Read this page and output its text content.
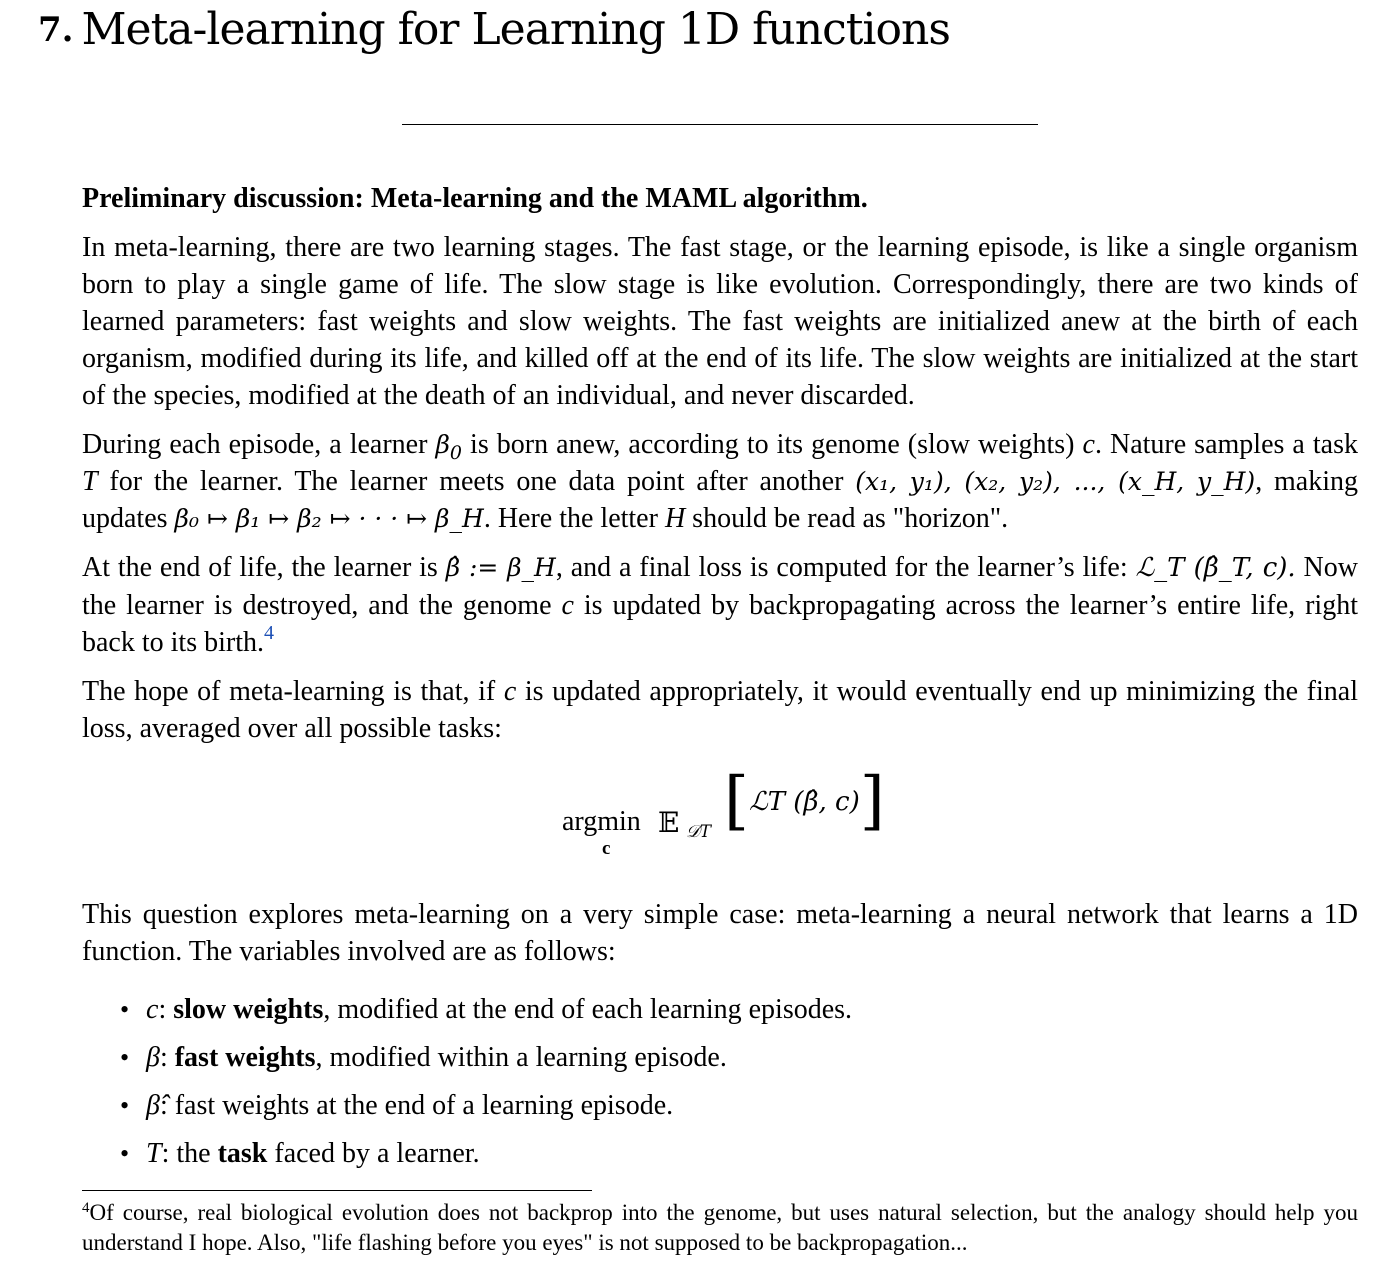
7. Meta-learning for Learning 1D functions

Preliminary discussion: Meta-learning and the MAML algorithm.

In meta-learning, there are two learning stages. The fast stage, or the learning episode, is like a single organism born to play a single game of life. The slow stage is like evolution. Correspondingly, there are two kinds of learned parameters: fast weights and slow weights. The fast weights are initialized anew at the birth of each organism, modified during its life, and killed off at the end of its life. The slow weights are initialized at the start of the species, modified at the death of an individual, and never discarded.

During each episode, a learner $\beta_0$ is born anew, according to its genome (slow weights) c. Nature samples a task T for the learner. The learner meets one data point after another (x₁, y₁), (x₂, y₂), ..., (x_H, y_H), making updates β₀ ↦ β₁ ↦ β₂ ↦ · · · ↦ β_H. Here the letter H should be read as "horizon".

At the end of life, the learner is β̂ := β_H, and a final loss is computed for the learner’s life: ℒ_T (β̂_T, c). Now the learner is destroyed, and the genome c is updated by backpropagating across the learner’s entire life, right back to its birth.$^4$

The hope of meta-learning is that, if c is updated appropriately, it would eventually end up minimizing the final loss, averaged over all possible tasks:

argmin
c
𝔼 𝒟T [ℒT (β̂, c)]

This question explores meta-learning on a very simple case: meta-learning a neural network that learns a 1D function. The variables involved are as follows:

• c: slow weights, modified at the end of each learning episodes.
• β: fast weights, modified within a learning episode.
• β̂: fast weights at the end of a learning episode.
• T: the task faced by a learner.
$^4$Of course, real biological evolution does not backprop into the genome, but uses natural selection, but the analogy should help you understand I hope. Also, "life flashing before you eyes" is not supposed to be backpropagation...
